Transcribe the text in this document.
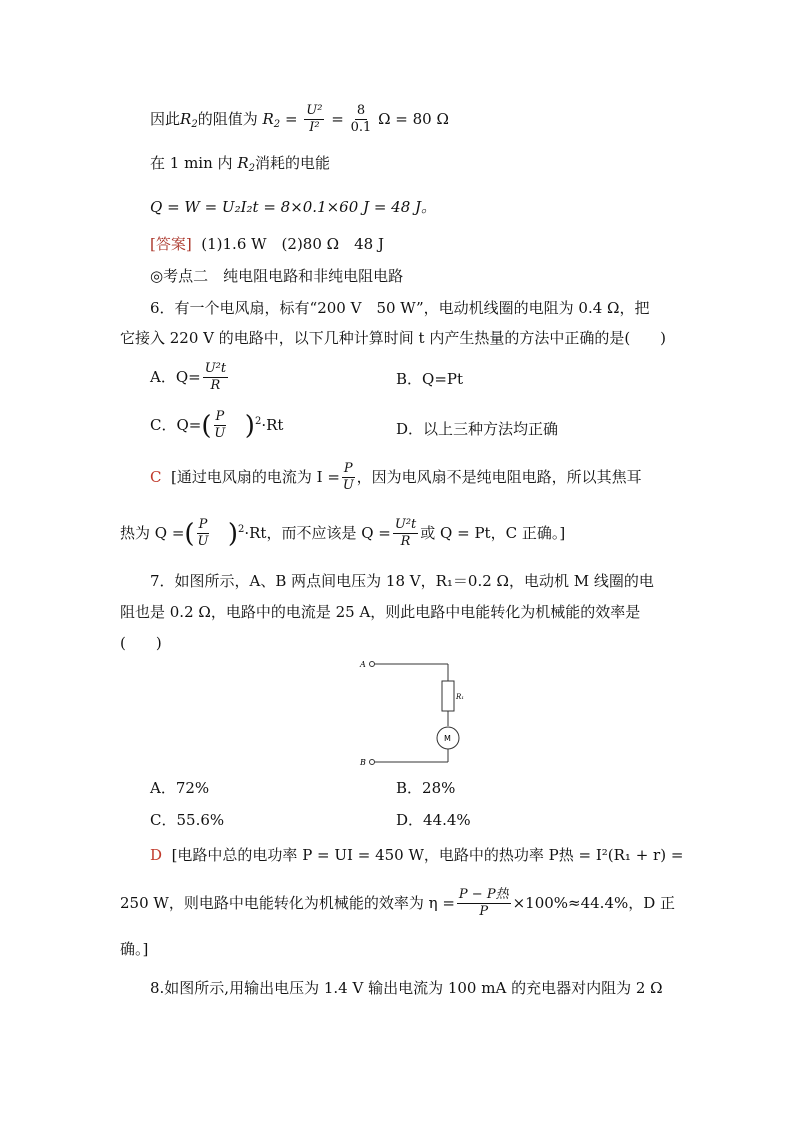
因此$R_2$的阻值为 $R_2 = \frac{\text{U²}}{\text{I²}} = \frac{8}{0.1}$ Ω = 80 Ω
在 1 min 内 $R_2$消耗的电能
Q = W = U₂I₂t = 8×0.1×60 J = 48 J。
[答案] (1)1.6 W　(2)80 Ω　48 J
◎考点二　纯电阻电路和非纯电阻电路
6．有一个电风扇，标有“200 V　50 W”，电动机线圈的电阻为 0.4 Ω，把
它接入 220 V 的电路中，以下几种计算时间 t 内产生热量的方法中正确的是(　　)
A．$Q= \frac{\text{U²t}}{R}$	B．Q=Pt
C．$Q=( \frac{P}{U} )^2\cdot Rt$	D．以上三种方法均正确
C [通过电风扇的电流为 $I = \frac{P}{U}$ ，因为电风扇不是纯电阻电路，所以其焦耳
热为 Q =( $\frac{P}{U} )^2\cdot Rt$，而不应该是 $Q = \frac{\text{U²t}}{R}$ 或 Q = Pt，C 正确。]
7．如图所示，A、B 两点间电压为 18 V，R₁＝0.2 Ω，电动机 M 线圈的电
阻也是 0.2 Ω，电路中的电流是 25 A，则此电路中电能转化为机械能的效率是
(　　)
A
B
R₁
M
A．72%	B．28%
C．55.6%	D．44.4%
D [电路中总的电功率 P = UI = 450 W，电路中的热功率 P热 = I²(R₁ + r) =
250 W，则电路中电能转化为机械能的效率为 $\eta = \frac{\text{P − P热}}{P} \times 100\%\approx 44.4\%$，D 正
确。]
8.如图所示,用输出电压为 1.4 V 输出电流为 100 mA 的充电器对内阻为 2 Ω
